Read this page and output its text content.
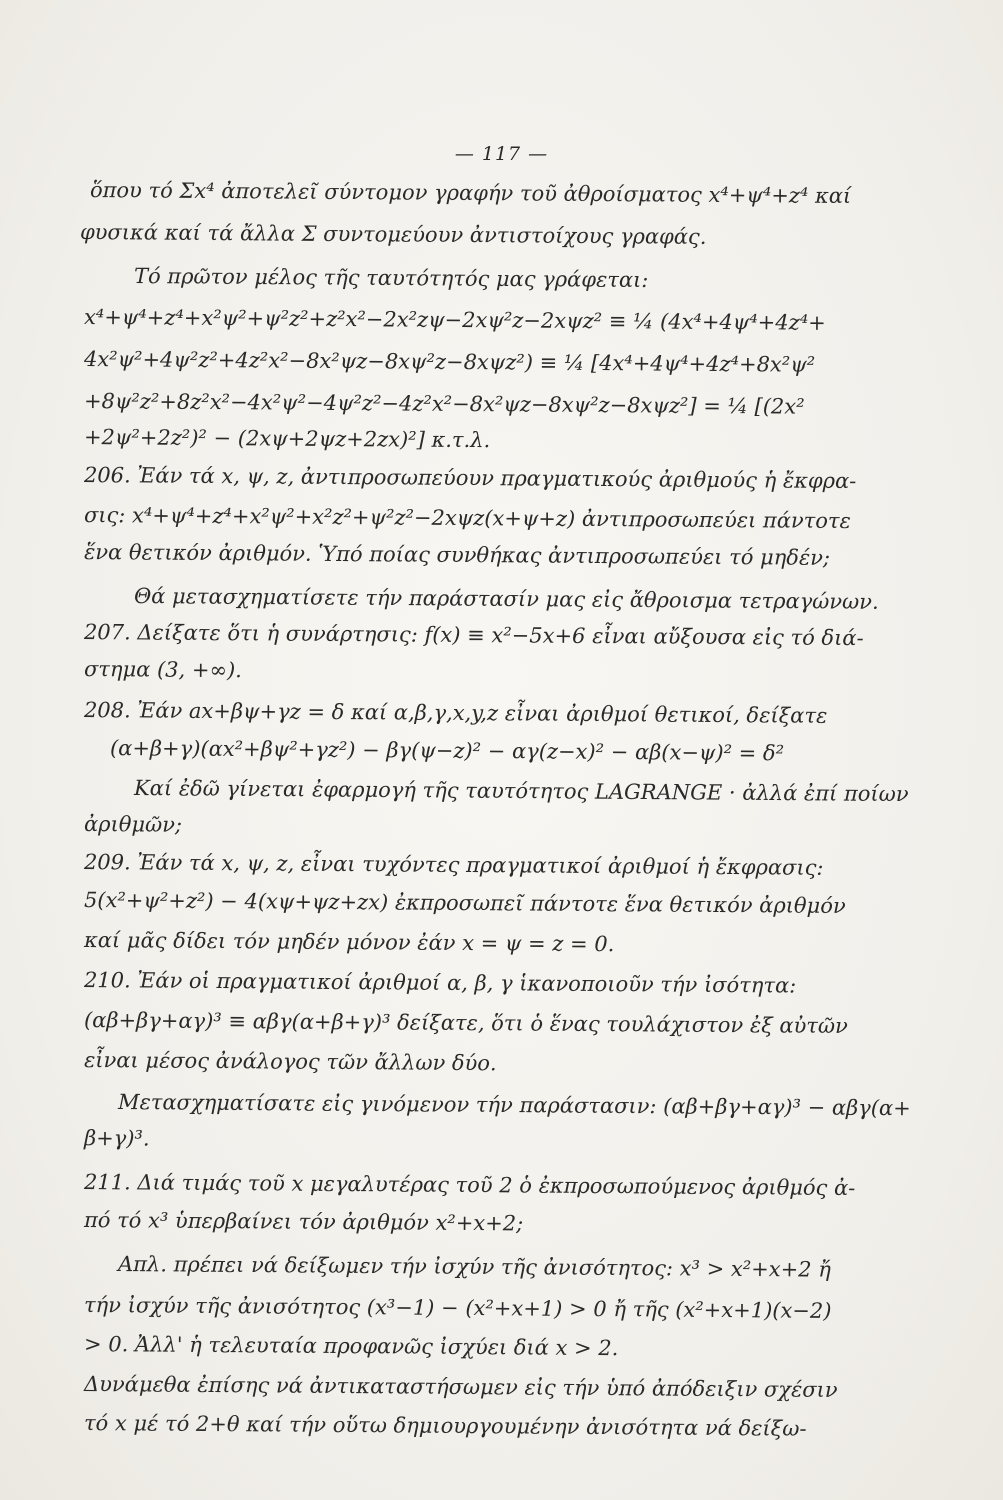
— 117 —
ὅπου τό Σx⁴ ἀποτελεῖ σύντομον γραφήν τοῦ ἀθροίσματος x⁴+ψ⁴+z⁴ καί
φυσικά καί τά ἄλλα Σ συντομεύουν ἀντιστοίχους γραφάς.
Τό πρῶτον μέλος τῆς ταυτότητός μας γράφεται:
x⁴+ψ⁴+z⁴+x²ψ²+ψ²z²+z²x²−2x²zψ−2xψ²z−2xψz² ≡ ¼ (4x⁴+4ψ⁴+4z⁴+
4x²ψ²+4ψ²z²+4z²x²−8x²ψz−8xψ²z−8xψz²) ≡ ¼ [4x⁴+4ψ⁴+4z⁴+8x²ψ²
+8ψ²z²+8z²x²−4x²ψ²−4ψ²z²−4z²x²−8x²ψz−8xψ²z−8xψz²] = ¼ [(2x²
+2ψ²+2z²)² − (2xψ+2ψz+2zx)²] κ.τ.λ.
206. Ἐάν τά x, ψ, z, ἀντιπροσωπεύουν πραγματικούς ἀριθμούς ἡ ἔκφρα-
σις: x⁴+ψ⁴+z⁴+x²ψ²+x²z²+ψ²z²−2xψz(x+ψ+z) ἀντιπροσωπεύει πάντοτε
ἕνα θετικόν ἀριθμόν. Ὑπό ποίας συνθήκας ἀντιπροσωπεύει τό μηδέν;
Θά μετασχηματίσετε τήν παράστασίν μας εἰς ἄθροισμα τετραγώνων.
207. Δείξατε ὅτι ἡ συνάρτησις: f(x) ≡ x²−5x+6 εἶναι αὔξουσα εἰς τό διά-
στημα (3, +∞).
208. Ἐάν ax+βψ+γz = δ καί α,β,γ,x,y,z εἶναι ἀριθμοί θετικοί, δείξατε
(α+β+γ)(αx²+βψ²+γz²) − βγ(ψ−z)² − αγ(z−x)² − αβ(x−ψ)² = δ²
Καί ἐδῶ γίνεται ἐφαρμογή τῆς ταυτότητος LAGRANGE · ἀλλά ἐπί ποίων
ἀριθμῶν;
209. Ἐάν τά x, ψ, z, εἶναι τυχόντες πραγματικοί ἀριθμοί ἡ ἔκφρασις:
5(x²+ψ²+z²) − 4(xψ+ψz+zx) ἐκπροσωπεῖ πάντοτε ἕνα θετικόν ἀριθμόν
καί μᾶς δίδει τόν μηδέν μόνον ἐάν x = ψ = z = 0.
210. Ἐάν οἱ πραγματικοί ἀριθμοί α, β, γ ἱκανοποιοῦν τήν ἰσότητα:
(αβ+βγ+αγ)³ ≡ αβγ(α+β+γ)³ δείξατε, ὅτι ὁ ἕνας τουλάχιστον ἐξ αὐτῶν
εἶναι μέσος ἀνάλογος τῶν ἄλλων δύο.
Μετασχηματίσατε εἰς γινόμενον τήν παράστασιν: (αβ+βγ+αγ)³ − αβγ(α+
β+γ)³.
211. Διά τιμάς τοῦ x μεγαλυτέρας τοῦ 2 ὁ ἐκπροσωπούμενος ἀριθμός ἀ-
πό τό x³ ὑπερβαίνει τόν ἀριθμόν x²+x+2;
Απλ. πρέπει νά δείξωμεν τήν ἰσχύν τῆς ἀνισότητος: x³ > x²+x+2 ἤ
τήν ἰσχύν τῆς ἀνισότητος (x³−1) − (x²+x+1) > 0 ἤ τῆς (x²+x+1)(x−2)
> 0. Ἀλλ' ἡ τελευταία προφανῶς ἰσχύει διά x > 2.
Δυνάμεθα ἐπίσης νά ἀντικαταστήσωμεν εἰς τήν ὑπό ἀπόδειξιν σχέσιν
τό x μέ τό 2+θ καί τήν οὕτω δημιουργουμένην ἀνισότητα νά δείξω-
